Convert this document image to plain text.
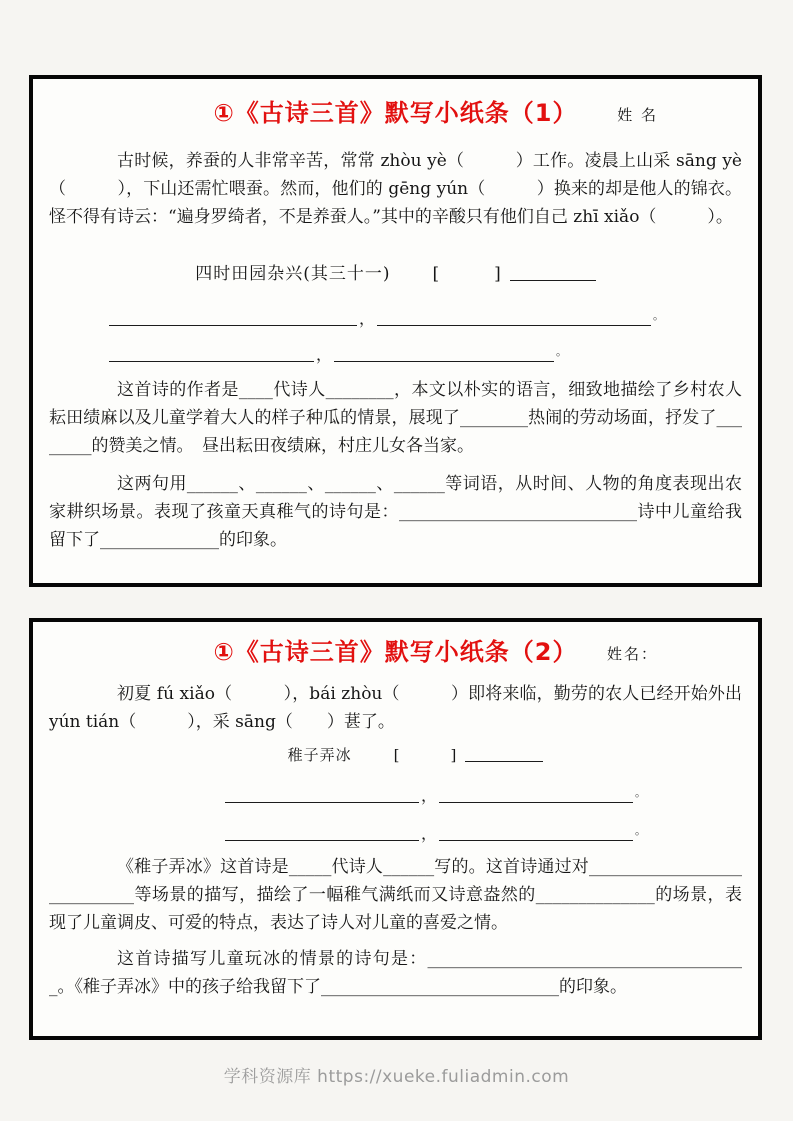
①《古诗三首》默写小纸条（1）	姓 名

古时候，养蚕的人非常辛苦，常常 zhòu yè（　　　）工作。凌晨上山采 sāng yè（　　　），下山还需忙喂蚕。然而，他们的 gēng yún（　　　）换来的却是他人的锦衣。怪不得有诗云：“遍身罗绮者，不是养蚕人。”其中的辛酸只有他们自己 zhī xiǎo（　　　）。

四时田园杂兴(其三十一) [　　]
，	。
，	。

这首诗的作者是____代诗人________，本文以朴实的语言，细致地描绘了乡村农人耘田绩麻以及儿童学着大人的样子种瓜的情景，展现了________热闹的劳动场面，抒发了________的赞美之情。　昼出耘田夜绩麻，村庄儿女各当家。

这两句用______、______、______、______等词语，从时间、人物的角度表现出农家耕织场景。表现了孩童天真稚气的诗句是：____________________________诗中儿童给我留下了______________的印象。

①《古诗三首》默写小纸条（2） 姓名：

初夏 fú xiǎo（　　　），bái zhòu（　　　）即将来临，勤劳的农人已经开始外出 yún tián（　　　），采 sāng（　　）葚了。

稚子弄冰	[　　]
，	。
，	。

《稚子弄冰》这首诗是_____代诗人______写的。这首诗通过对____________________________等场景的描写，描绘了一幅稚气满纸而又诗意盎然的______________的场景，表现了儿童调皮、可爱的特点，表达了诗人对儿童的喜爱之情。

这首诗描写儿童玩冰的情景的诗句是：______________________________________。《稚子弄冰》中的孩子给我留下了____________________________的印象。

学科资源库 https://xueke.fuliadmin.com
